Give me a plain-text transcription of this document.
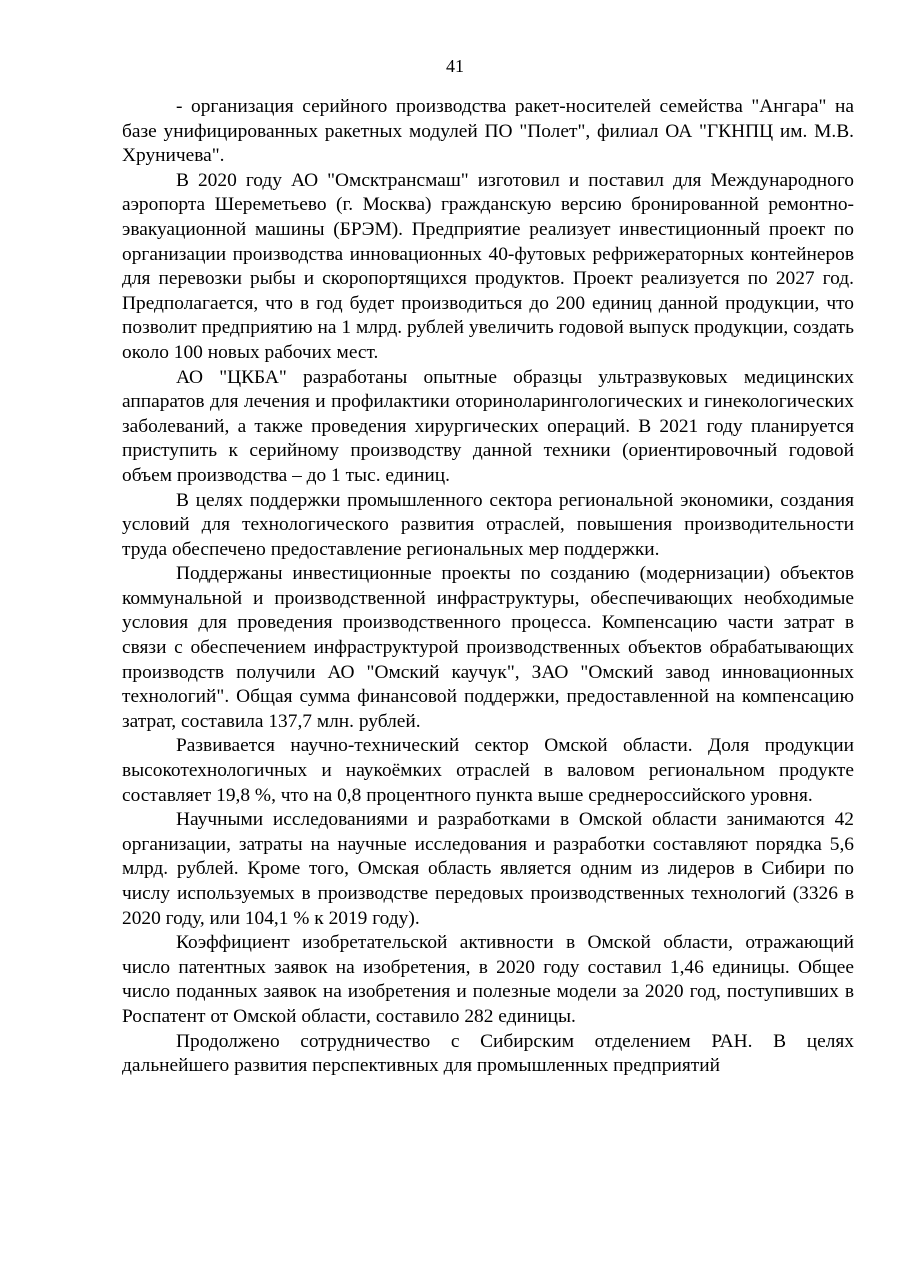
41

- организация серийного производства ракет-носителей семейства "Ангара" на базе унифицированных ракетных модулей ПО "Полет", филиал ОА "ГКНПЦ им. М.В. Хруничева".

В 2020 году АО "Омсктрансмаш" изготовил и поставил для Международного аэропорта Шереметьево (г. Москва) гражданскую версию бронированной ремонтно-эвакуационной машины (БРЭМ). Предприятие реализует инвестиционный проект по организации производства инновационных 40-футовых рефрижераторных контейнеров для перевозки рыбы и скоропортящихся продуктов. Проект реализуется по 2027 год. Предполагается, что в год будет производиться до 200 единиц данной продукции, что позволит предприятию на 1 млрд. рублей увеличить годовой выпуск продукции, создать около 100 новых рабочих мест.

АО "ЦКБА" разработаны опытные образцы ультразвуковых медицинских аппаратов для лечения и профилактики оториноларингологических и гинекологических заболеваний, а также проведения хирургических операций. В 2021 году планируется приступить к серийному производству данной техники (ориентировочный годовой объем производства – до 1 тыс. единиц.

В целях поддержки промышленного сектора региональной экономики, создания условий для технологического развития отраслей, повышения производительности труда обеспечено предоставление региональных мер поддержки.

Поддержаны инвестиционные проекты по созданию (модернизации) объектов коммунальной и производственной инфраструктуры, обеспечивающих необходимые условия для проведения производственного процесса. Компенсацию части затрат в связи с обеспечением инфраструктурой производственных объектов обрабатывающих производств получили АО "Омский каучук", ЗАО "Омский завод инновационных технологий". Общая сумма финансовой поддержки, предоставленной на компенсацию затрат, составила 137,7 млн. рублей.

Развивается научно-технический сектор Омской области. Доля продукции высокотехнологичных и наукоёмких отраслей в валовом региональном продукте составляет 19,8 %, что на 0,8 процентного пункта выше среднероссийского уровня.

Научными исследованиями и разработками в Омской области занимаются 42 организации, затраты на научные исследования и разработки составляют порядка 5,6 млрд. рублей. Кроме того, Омская область является одним из лидеров в Сибири по числу используемых в производстве передовых производственных технологий (3326 в 2020 году, или 104,1 % к 2019 году).

Коэффициент изобретательской активности в Омской области, отражающий число патентных заявок на изобретения, в 2020 году составил 1,46 единицы. Общее число поданных заявок на изобретения и полезные модели за 2020 год, поступивших в Роспатент от Омской области, составило 282 единицы.

Продолжено сотрудничество с Сибирским отделением РАН. В целях дальнейшего развития перспективных для промышленных предприятий
